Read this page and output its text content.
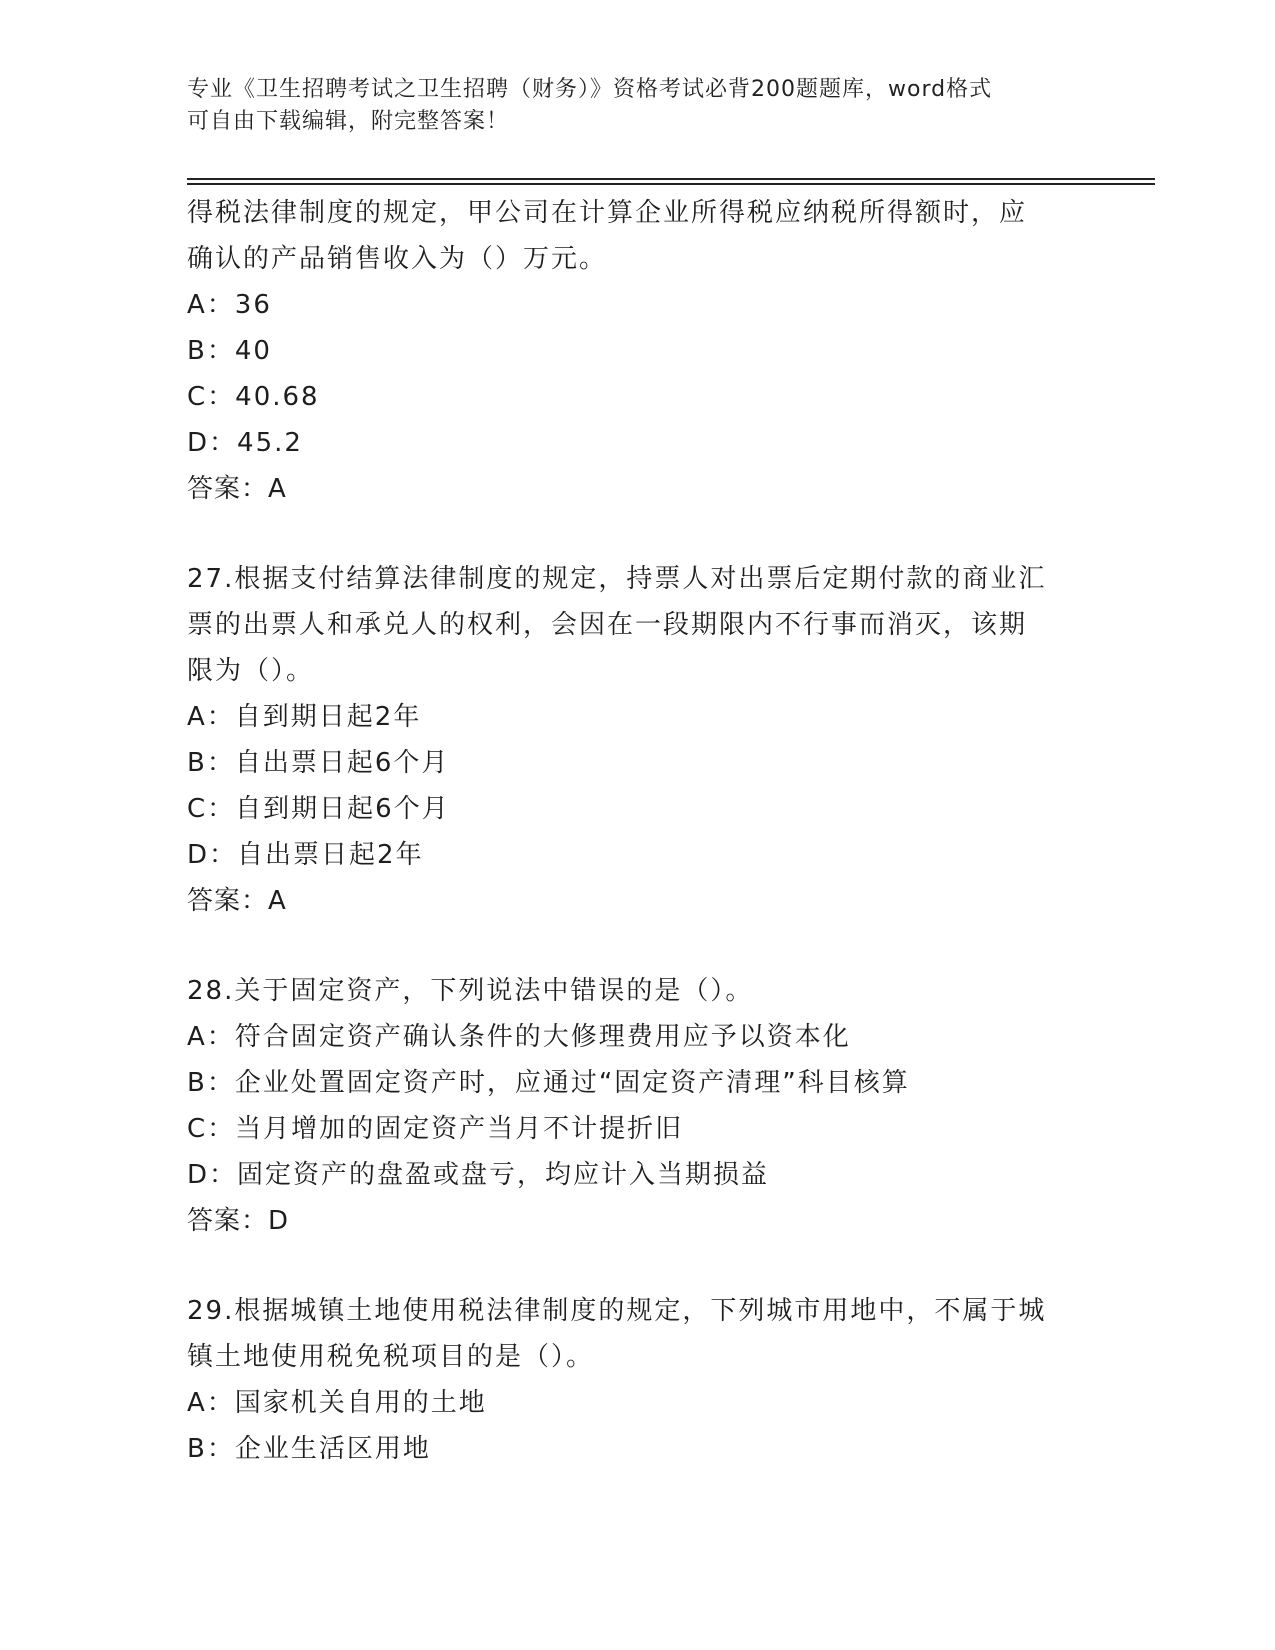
专业《卫生招聘考试之卫生招聘（财务）》资格考试必背200题题库，word格式
可自由下载编辑，附完整答案！
得税法律制度的规定，甲公司在计算企业所得税应纳税所得额时，应
确认的产品销售收入为（）万元。
A：36
B：40
C：40.68
D：45.2
答案：A
27.根据支付结算法律制度的规定，持票人对出票后定期付款的商业汇
票的出票人和承兑人的权利，会因在一段期限内不行事而消灭，该期
限为（）。
A：自到期日起2年
B：自出票日起6个月
C：自到期日起6个月
D：自出票日起2年
答案：A
28.关于固定资产，下列说法中错误的是（）。
A：符合固定资产确认条件的大修理费用应予以资本化
B：企业处置固定资产时，应通过“固定资产清理”科目核算
C：当月增加的固定资产当月不计提折旧
D：固定资产的盘盈或盘亏，均应计入当期损益
答案：D
29.根据城镇土地使用税法律制度的规定，下列城市用地中，不属于城
镇土地使用税免税项目的是（）。
A：国家机关自用的土地
B：企业生活区用地
